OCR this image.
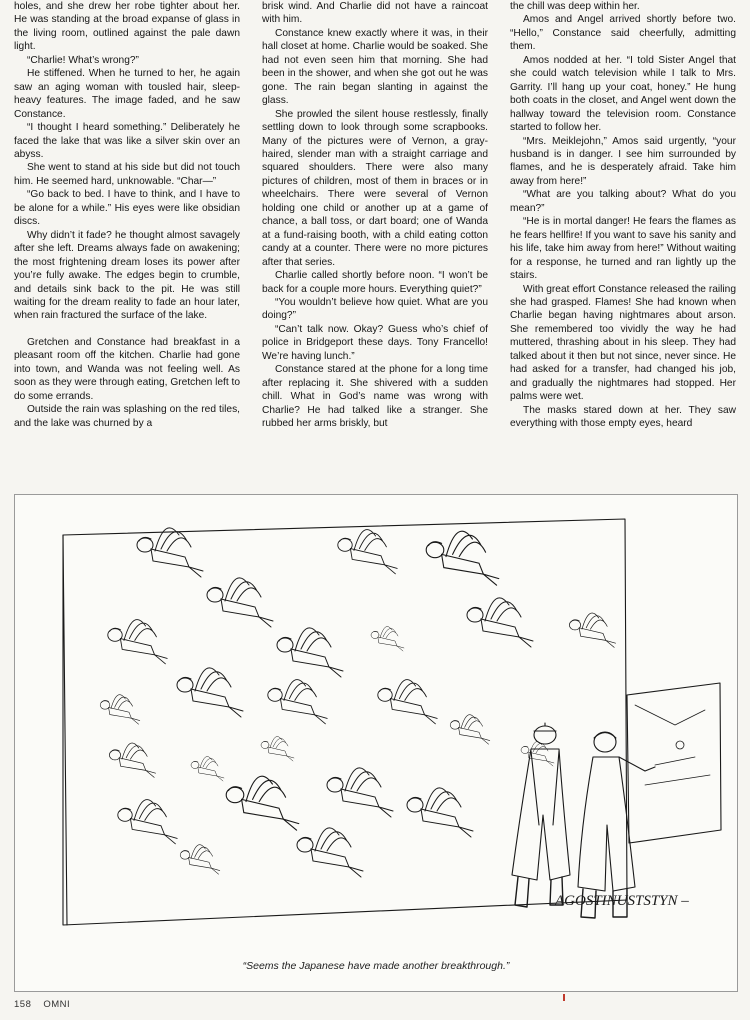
holes, and she drew her robe tighter about her. He was standing at the broad expanse of glass in the living room, outlined against the pale dawn light.

“Charlie! What’s wrong?”

He stiffened. When he turned to her, he again saw an aging woman with tousled hair, sleep-heavy features. The image faded, and he saw Constance.

“I thought I heard something.” Deliberately he faced the lake that was like a silver skin over an abyss.

She went to stand at his side but did not touch him. He seemed hard, unknowable. “Char—”

“Go back to bed. I have to think, and I have to be alone for a while.” His eyes were like obsidian discs.

Why didn’t it fade? he thought almost savagely after she left. Dreams always fade on awakening; the most frightening dream loses its power after you’re fully awake. The edges begin to crumble, and details sink back to the pit. He was still waiting for the dream reality to fade an hour later, when rain fractured the surface of the lake.

Gretchen and Constance had breakfast in a pleasant room off the kitchen. Charlie had gone into town, and Wanda was not feeling well. As soon as they were through eating, Gretchen left to do some errands.

Outside the rain was splashing on the red tiles, and the lake was churned by a

brisk wind. And Charlie did not have a raincoat with him.

Constance knew exactly where it was, in their hall closet at home. Charlie would be soaked. She had not even seen him that morning. She had been in the shower, and when she got out he was gone. The rain began slanting in against the glass.

She prowled the silent house restlessly, finally settling down to look through some scrapbooks. Many of the pictures were of Vernon, a gray-haired, slender man with a straight carriage and squared shoulders. There were also many pictures of children, most of them in braces or in wheelchairs. There were several of Vernon holding one child or another up at a game of chance, a ball toss, or dart board; one of Wanda at a fund-raising booth, with a child eating cotton candy at a counter. There were no more pictures after that series.

Charlie called shortly before noon. “I won’t be back for a couple more hours. Everything quiet?”

“You wouldn’t believe how quiet. What are you doing?”

“Can’t talk now. Okay? Guess who’s chief of police in Bridgeport these days. Tony Francello! We’re having lunch.”

Constance stared at the phone for a long time after replacing it. She shivered with a sudden chill. What in God’s name was wrong with Charlie? He had talked like a stranger. She rubbed her arms briskly, but

the chill was deep within her.

Amos and Angel arrived shortly before two. “Hello,” Constance said cheerfully, admitting them.

Amos nodded at her. “I told Sister Angel that she could watch television while I talk to Mrs. Garrity. I’ll hang up your coat, honey.” He hung both coats in the closet, and Angel went down the hallway toward the television room. Constance started to follow her.

“Mrs. Meiklejohn,” Amos said urgently, “your husband is in danger. I see him surrounded by flames, and he is desperately afraid. Take him away from here!”

“What are you talking about? What do you mean?”

“He is in mortal danger! He fears the flames as he fears hellfire! If you want to save his sanity and his life, take him away from here!” Without waiting for a response, he turned and ran lightly up the stairs.

With great effort Constance released the railing she had grasped. Flames! She had known when Charlie began having nightmares about arson. She remembered too vividly the way he had muttered, thrashing about in his sleep. They had talked about it then but not since, never since. He had asked for a transfer, had changed his job, and gradually the nightmares had stopped. Her palms were wet.

The masks stared down at her. They saw everything with those empty eyes, heard

AGOSTINUSTSTYN –
“Seems the Japanese have made another breakthrough.”
158 OMNI
